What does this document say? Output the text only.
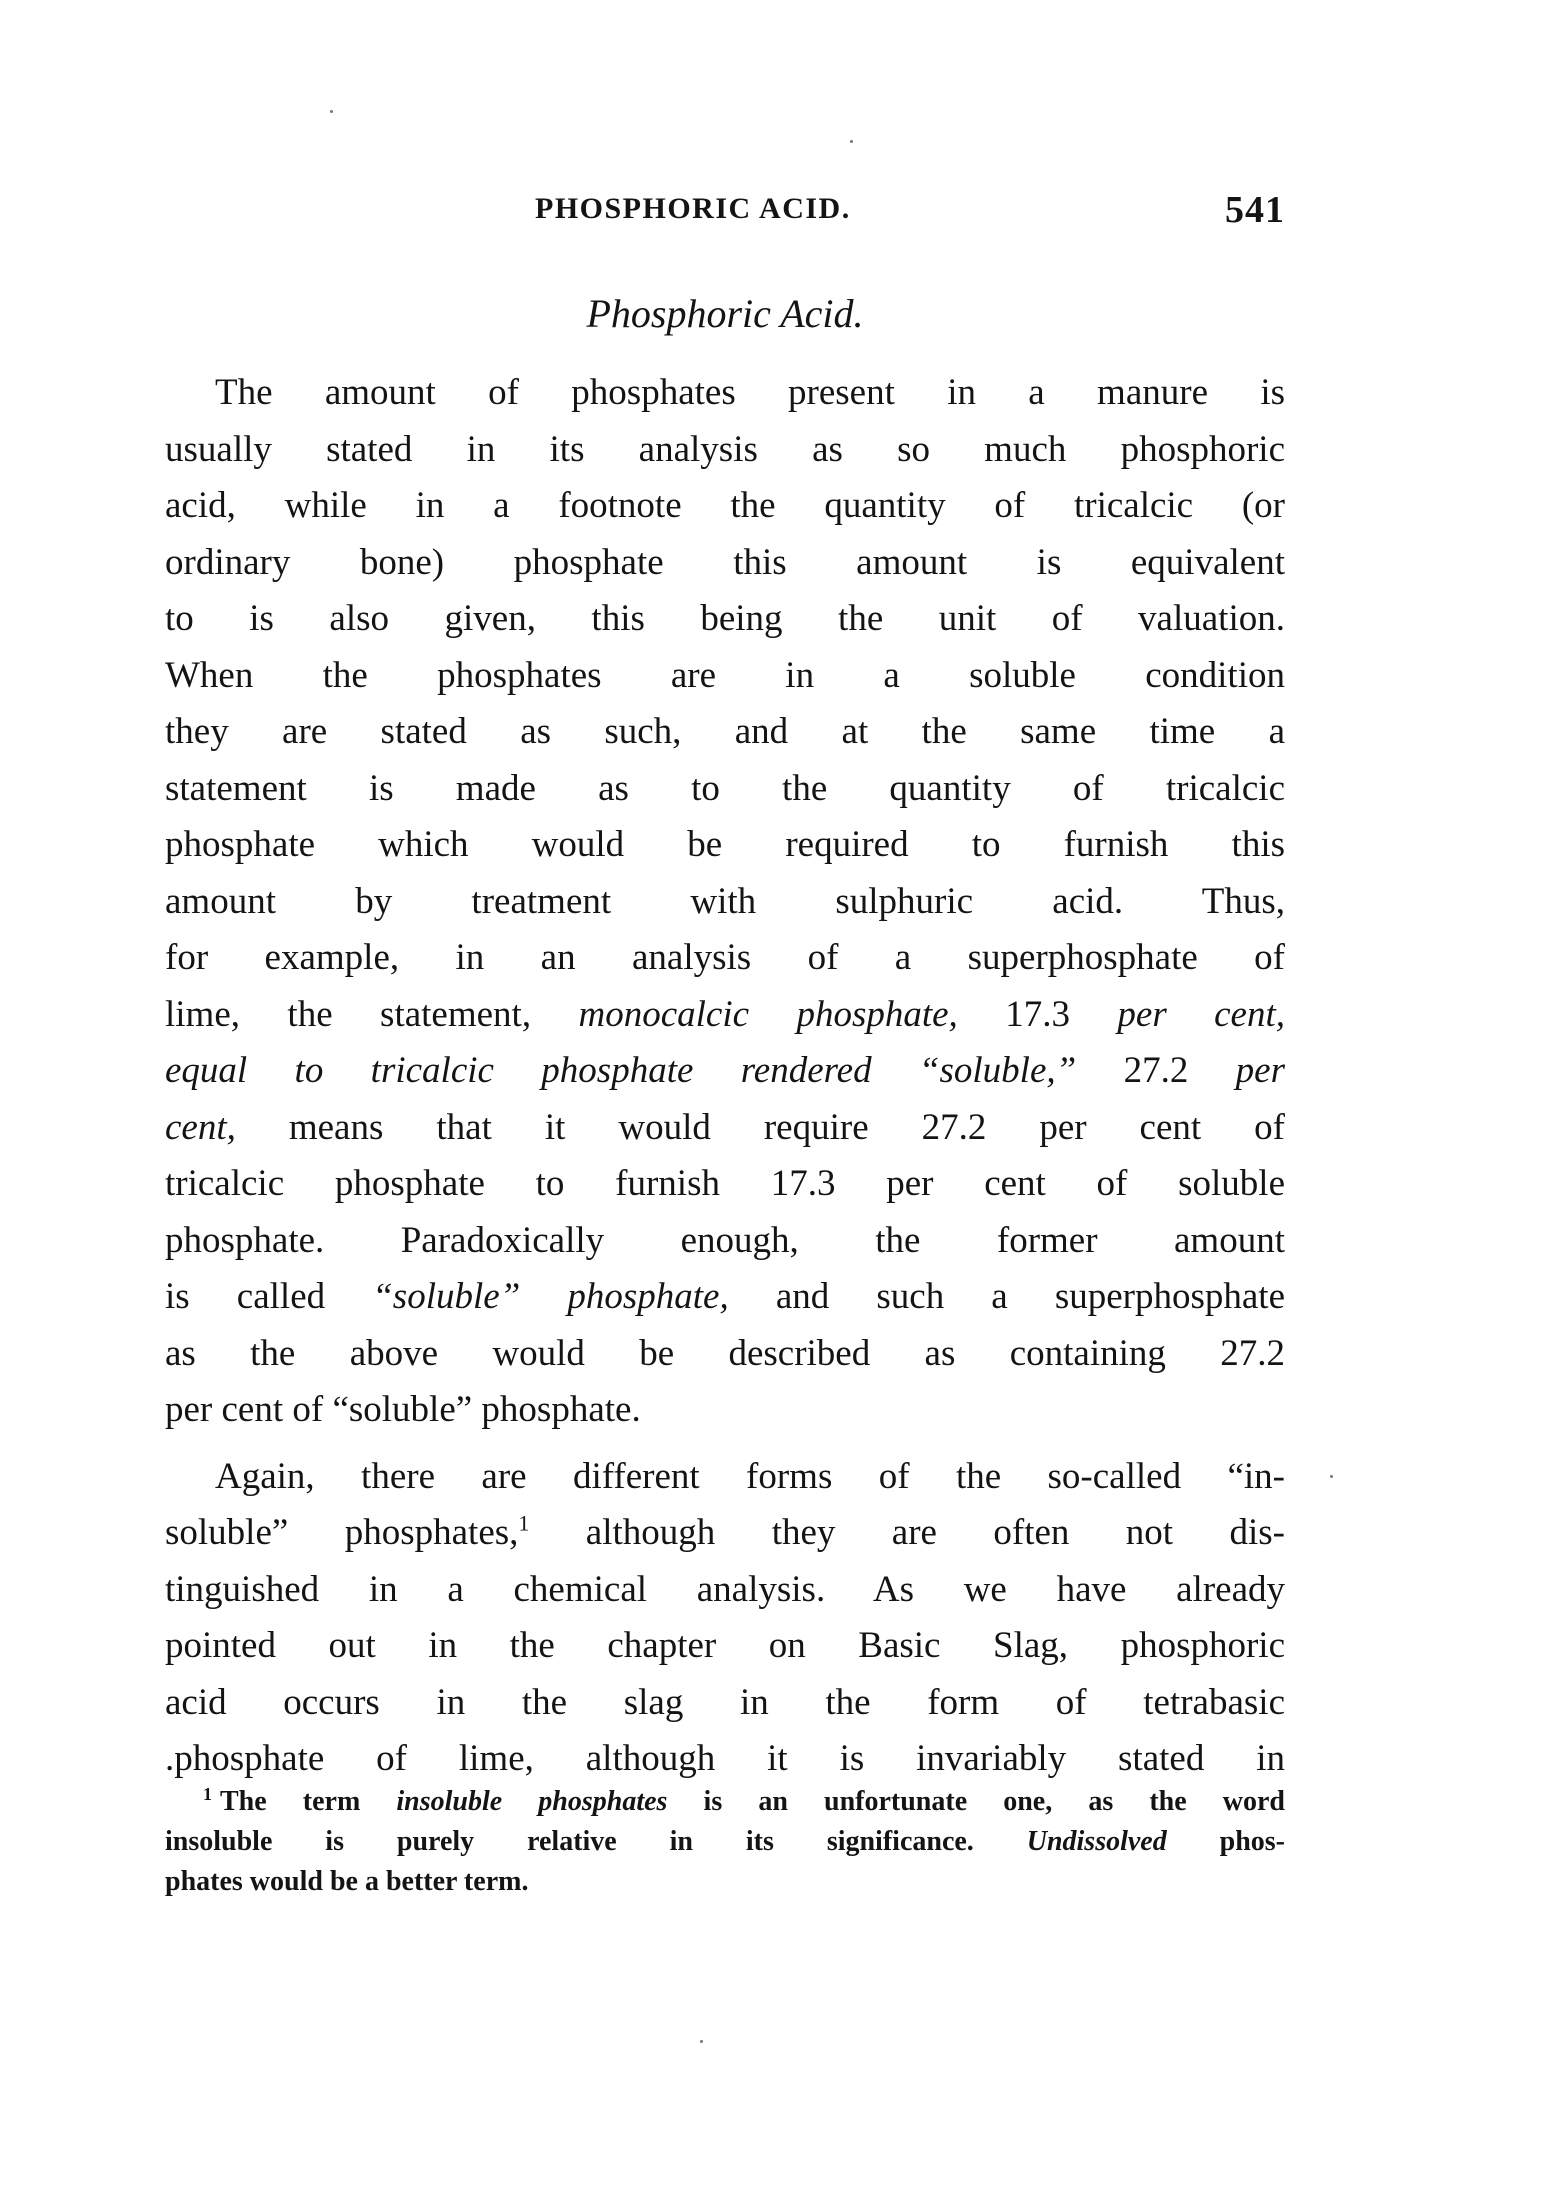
PHOSPHORIC ACID.	541
Phosphoric Acid.
The amount of phosphates present in a manure is
usually stated in its analysis as so much phosphoric
acid, while in a footnote the quantity of tricalcic (or
ordinary bone) phosphate this amount is equivalent
to is also given, this being the unit of valuation.
When the phosphates are in a soluble condition
they are stated as such, and at the same time a
statement is made as to the quantity of tricalcic
phosphate which would be required to furnish this
amount by treatment with sulphuric acid. Thus,
for example, in an analysis of a superphosphate of
lime, the statement, monocalcic phosphate, 17.3 per cent,
equal to tricalcic phosphate rendered “soluble,” 27.2 per
cent, means that it would require 27.2 per cent of
tricalcic phosphate to furnish 17.3 per cent of soluble
phosphate. Paradoxically enough, the former amount
is called “soluble” phosphate, and such a superphosphate
as the above would be described as containing 27.2
per cent of “soluble” phosphate.
Again, there are different forms of the so-called “in-
soluble” phosphates,$^1$ although they are often not dis-
tinguished in a chemical analysis. As we have already
pointed out in the chapter on Basic Slag, phosphoric
acid occurs in the slag in the form of tetrabasic
.phosphate of lime, although it is invariably stated in
$^1$ The term insoluble phosphates is an unfortunate one, as the word
insoluble is purely relative in its significance. Undissolved phos-
phates would be a better term.
